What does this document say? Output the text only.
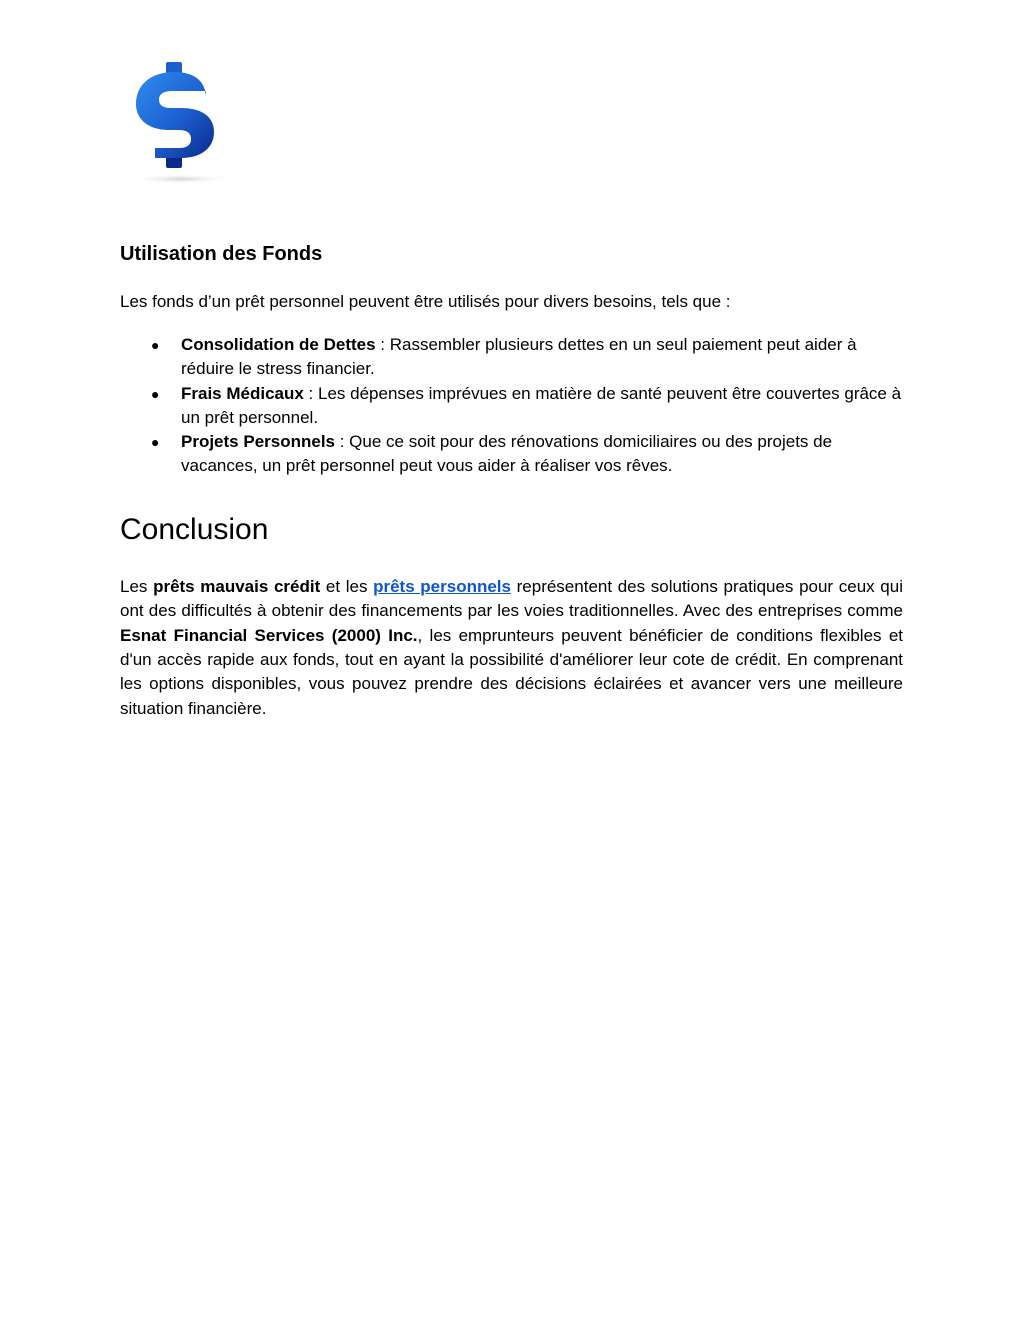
Utilisation des Fonds

Les fonds d’un prêt personnel peuvent être utilisés pour divers besoins, tels que :

● Consolidation de Dettes : Rassembler plusieurs dettes en un seul paiement peut aider à réduire le stress financier.
● Frais Médicaux : Les dépenses imprévues en matière de santé peuvent être couvertes grâce à un prêt personnel.
● Projets Personnels : Que ce soit pour des rénovations domiciliaires ou des projets de vacances, un prêt personnel peut vous aider à réaliser vos rêves.
Conclusion

Les prêts mauvais crédit et les prêts personnels représentent des solutions pratiques pour ceux qui ont des difficultés à obtenir des financements par les voies traditionnelles. Avec des entreprises comme Esnat Financial Services (2000) Inc., les emprunteurs peuvent bénéficier de conditions flexibles et d'un accès rapide aux fonds, tout en ayant la possibilité d'améliorer leur cote de crédit. En comprenant les options disponibles, vous pouvez prendre des décisions éclairées et avancer vers une meilleure situation financière.
